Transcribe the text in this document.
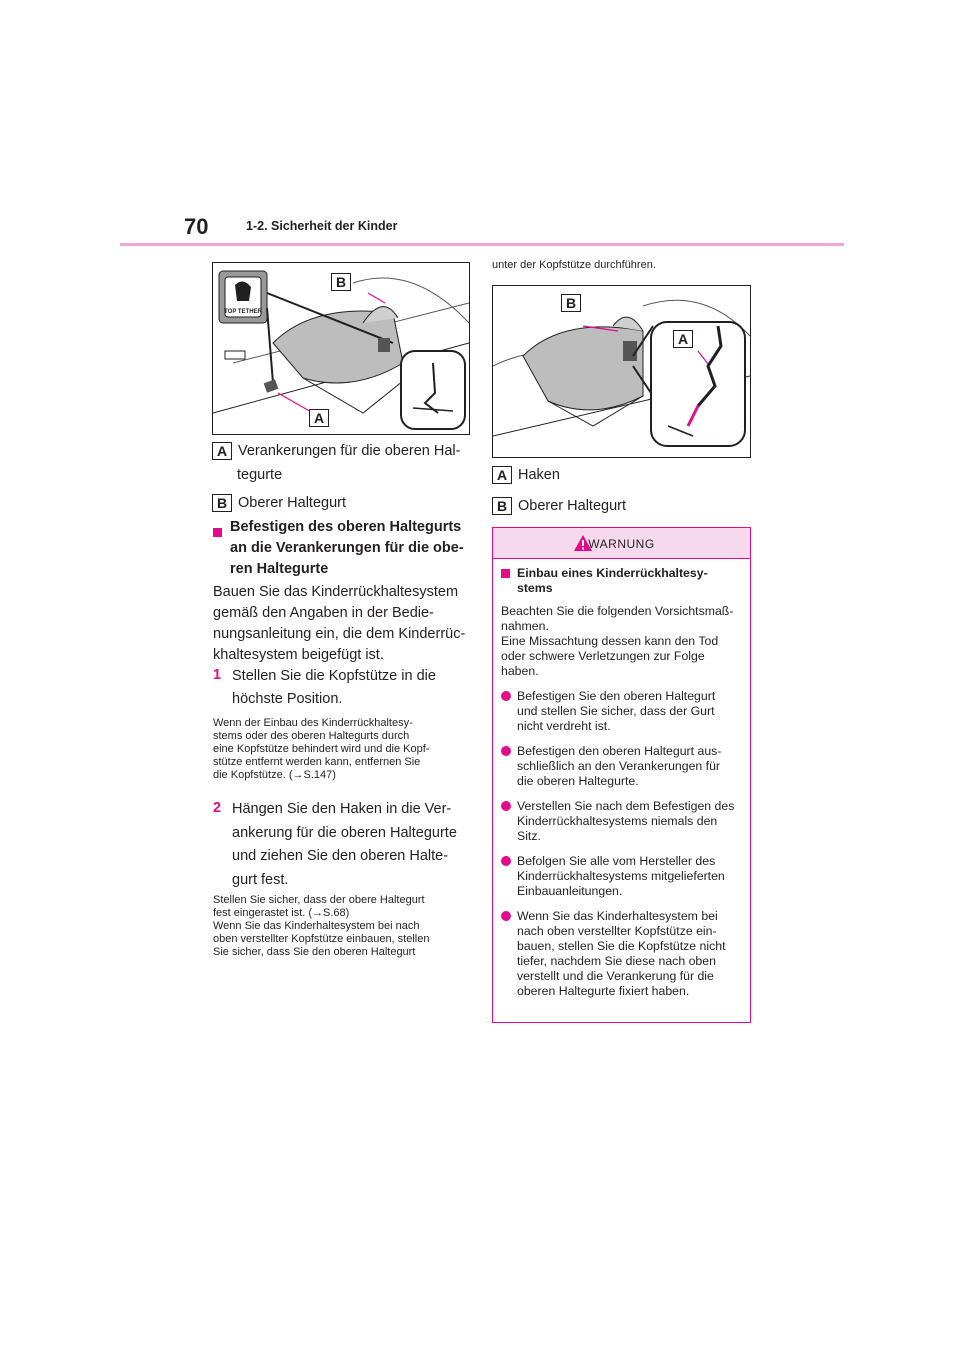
70	1-2. Sicherheit der Kinder
TOP TETHER
B
A
A Verankerungen für die oberen Hal-
tegurte
B Oberer Haltegurt
Befestigen des oberen Haltegurts
an die Verankerungen für die obe-
ren Haltegurte
Bauen Sie das Kinderrückhaltesystem
gemäß den Angaben in der Bedie-
nungsanleitung ein, die dem Kinderrüc-
khaltesystem beigefügt ist.
1 Stellen Sie die Kopfstütze in die
höchste Position.
Wenn der Einbau des Kinderrückhaltesy-
stems oder des oberen Haltegurts durch
eine Kopfstütze behindert wird und die Kopf-
stütze entfernt werden kann, entfernen Sie
die Kopfstütze. (→S.147)
2 Hängen Sie den Haken in die Ver-
ankerung für die oberen Haltegurte
und ziehen Sie den oberen Halte-
gurt fest.
Stellen Sie sicher, dass der obere Haltegurt
fest eingerastet ist. (→S.68)
Wenn Sie das Kinderhaltesystem bei nach
oben verstellter Kopfstütze einbauen, stellen
Sie sicher, dass Sie den oberen Haltegurt
unter der Kopfstütze durchführen.
B
A
A Haken
B Oberer Haltegurt
WARNUNG
Einbau eines Kinderrückhaltesy-
stems
Beachten Sie die folgenden Vorsichtsmaß-
nahmen.
Eine Missachtung dessen kann den Tod
oder schwere Verletzungen zur Folge
haben.
Befestigen Sie den oberen Haltegurt
und stellen Sie sicher, dass der Gurt
nicht verdreht ist.
Befestigen den oberen Haltegurt aus-
schließlich an den Verankerungen für
die oberen Haltegurte.
Verstellen Sie nach dem Befestigen des
Kinderrückhaltesystems niemals den
Sitz.
Befolgen Sie alle vom Hersteller des
Kinderrückhaltesystems mitgelieferten
Einbauanleitungen.
Wenn Sie das Kinderhaltesystem bei
nach oben verstellter Kopfstütze ein-
bauen, stellen Sie die Kopfstütze nicht
tiefer, nachdem Sie diese nach oben
verstellt und die Verankerung für die
oberen Haltegurte fixiert haben.
